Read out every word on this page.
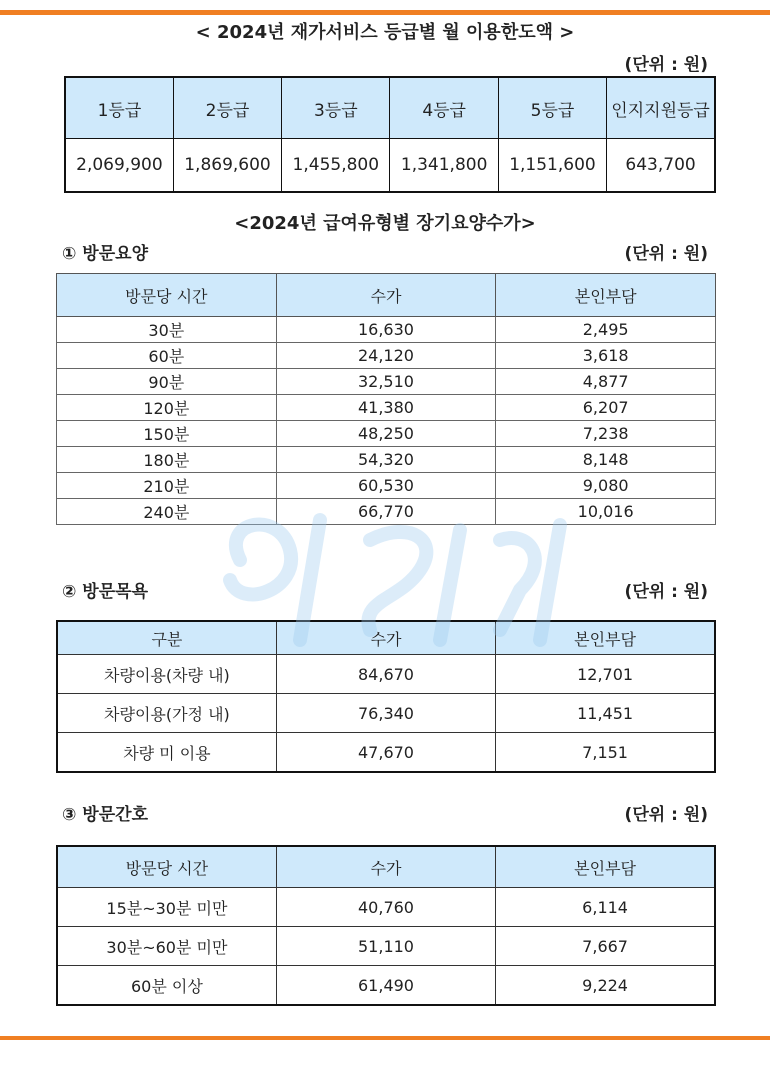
< 2024년 재가서비스 등급별 월 이용한도액 >
(단위 : 원)
1등급	2등급	3등급	4등급	5등급	인지지원등급
2,069,900	1,869,600	1,455,800	1,341,800	1,151,600	643,700
<2024년 급여유형별 장기요양수가>
① 방문요양	(단위 : 원)
방문당 시간	수가	본인부담
30분	16,630	2,495
60분	24,120	3,618
90분	32,510	4,877
120분	41,380	6,207
150분	48,250	7,238
180분	54,320	8,148
210분	60,530	9,080
240분	66,770	10,016
② 방문목욕	(단위 : 원)
구분	수가	본인부담
차량이용(차량 내)	84,670	12,701
차량이용(가정 내)	76,340	11,451
차량 미 이용	47,670	7,151
③ 방문간호	(단위 : 원)
방문당 시간	수가	본인부담
15분~30분 미만	40,760	6,114
30분~60분 미만	51,110	7,667
60분 이상	61,490	9,224
